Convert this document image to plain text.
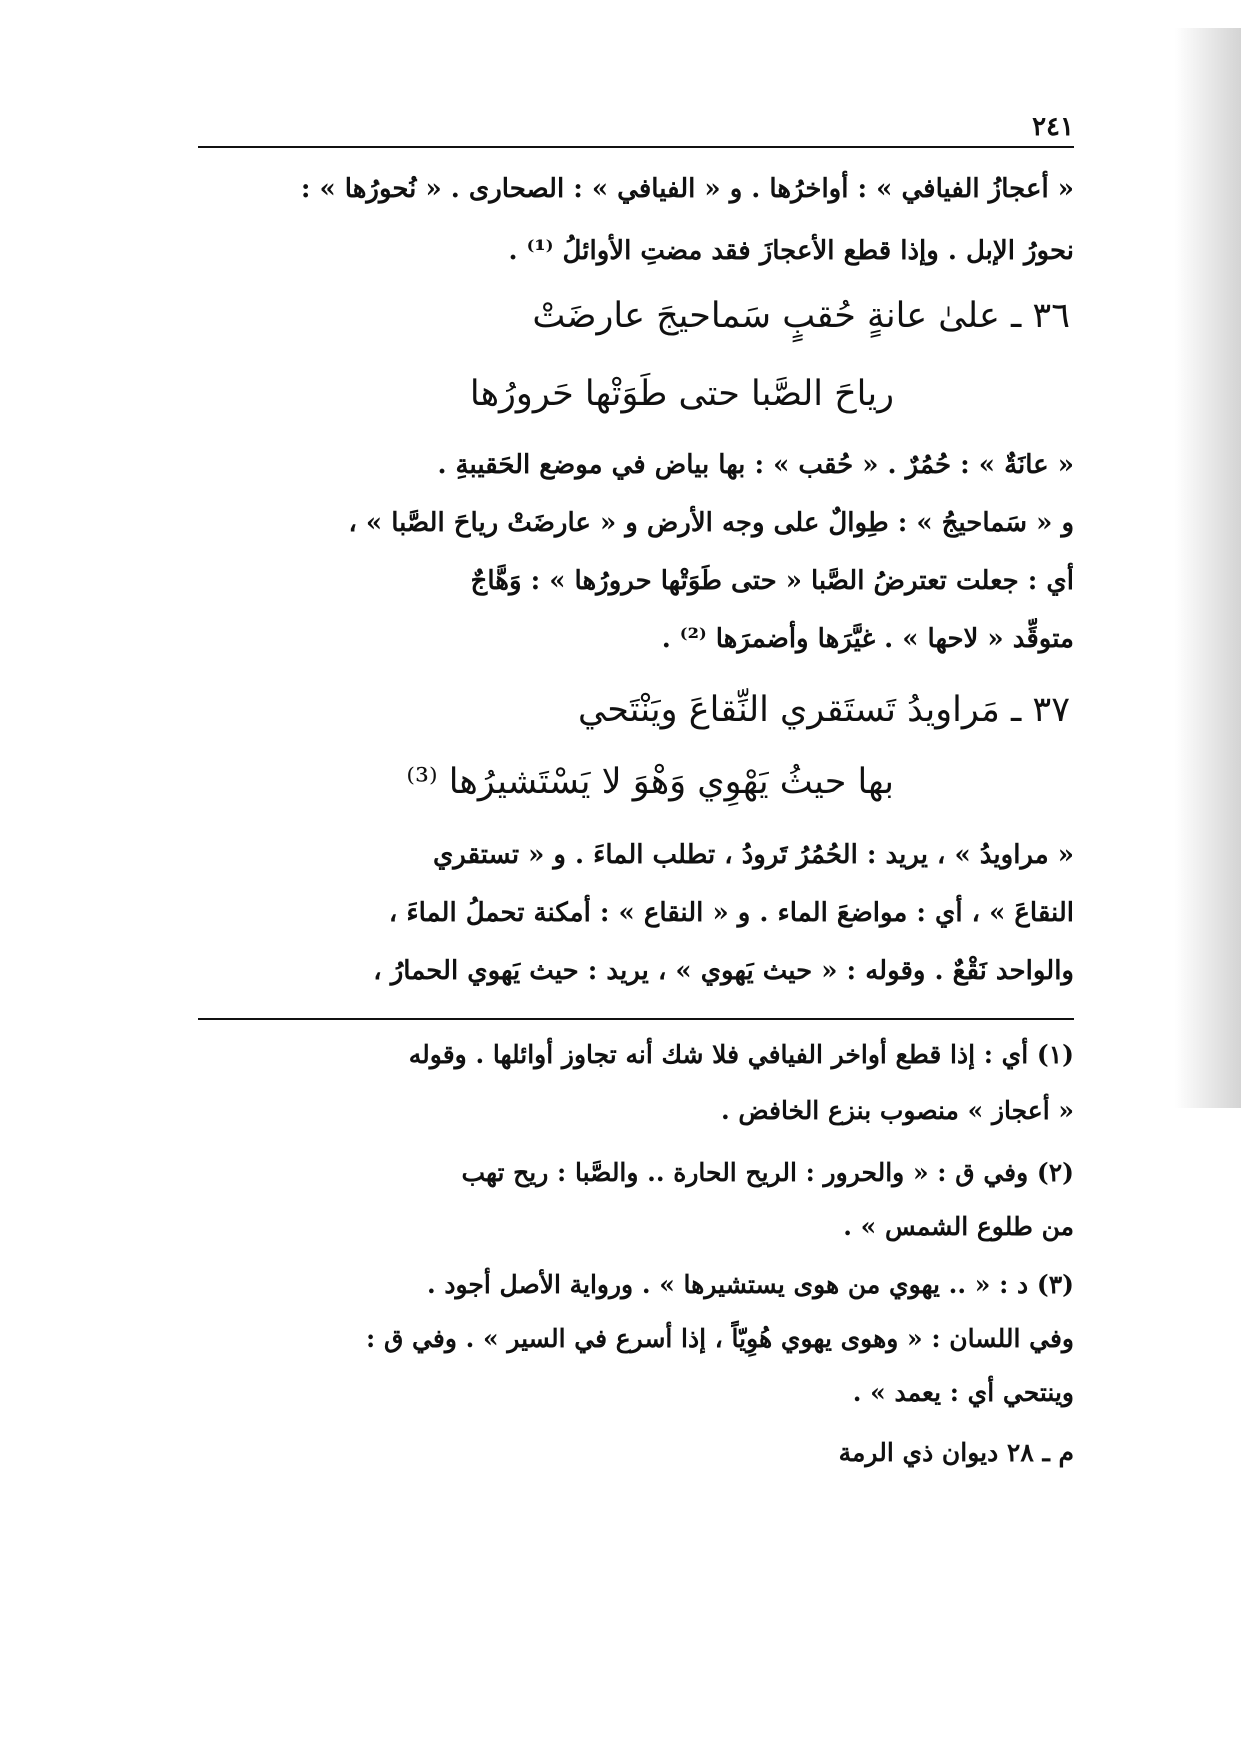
٢٤١
« أعجازُ الفيافي » : أواخرُها . و « الفيافي » : الصحارى . « نُحورُها » :
نحورُ الإبل . وإذا قطع الأعجازَ فقد مضتِ الأوائلُ ⁽¹⁾ .
٣٦ ـ علىٰ عانةٍ حُقبٍ سَماحيجَ عارضَتْ
رياحَ الصَّبا حتى طَوَتْها حَرورُها
« عانَةٌ » : حُمُرٌ . « حُقب » : بها بياض في موضع الحَقيبةِ .
و « سَماحيجُ » : طِوالٌ على وجه الأرض و « عارضَتْ رياحَ الصَّبا » ،
أي : جعلت تعترضُ الصَّبا « حتى طَوَتْها حرورُها » : وَهَّاجٌ
متوقِّد « لاحها » . غيَّرَها وأضمرَها ⁽²⁾ .
٣٧ ـ مَراويدُ تَستَقري النِّقاعَ ويَنْتَحي
بها حيثُ يَهْوِي وَهْوَ لا يَسْتَشيرُها ⁽³⁾
« مراويدُ » ، يريد : الحُمُرُ تَرودُ ، تطلب الماءَ . و « تستقري
النقاعَ » ، أي : مواضعَ الماء . و « النقاع » : أمكنة تحملُ الماءَ ،
والواحد نَقْعٌ . وقوله : « حيث يَهوي » ، يريد : حيث يَهوي الحمارُ ،
(١) أي : إذا قطع أواخر الفيافي فلا شك أنه تجاوز أوائلها . وقوله
« أعجاز » منصوب بنزع الخافض .
(٢) وفي ق : « والحرور : الريح الحارة .. والصَّبا : ريح تهب
من طلوع الشمس » .
(٣) د : « .. يهوي من هوى يستشيرها » . ورواية الأصل أجود .
وفي اللسان : « وهوى يهوي هُوِيّاً ، إذا أسرع في السير » . وفي ق :
وينتحي أي : يعمد » .
م ـ ٢٨ ديوان ذي الرمة
